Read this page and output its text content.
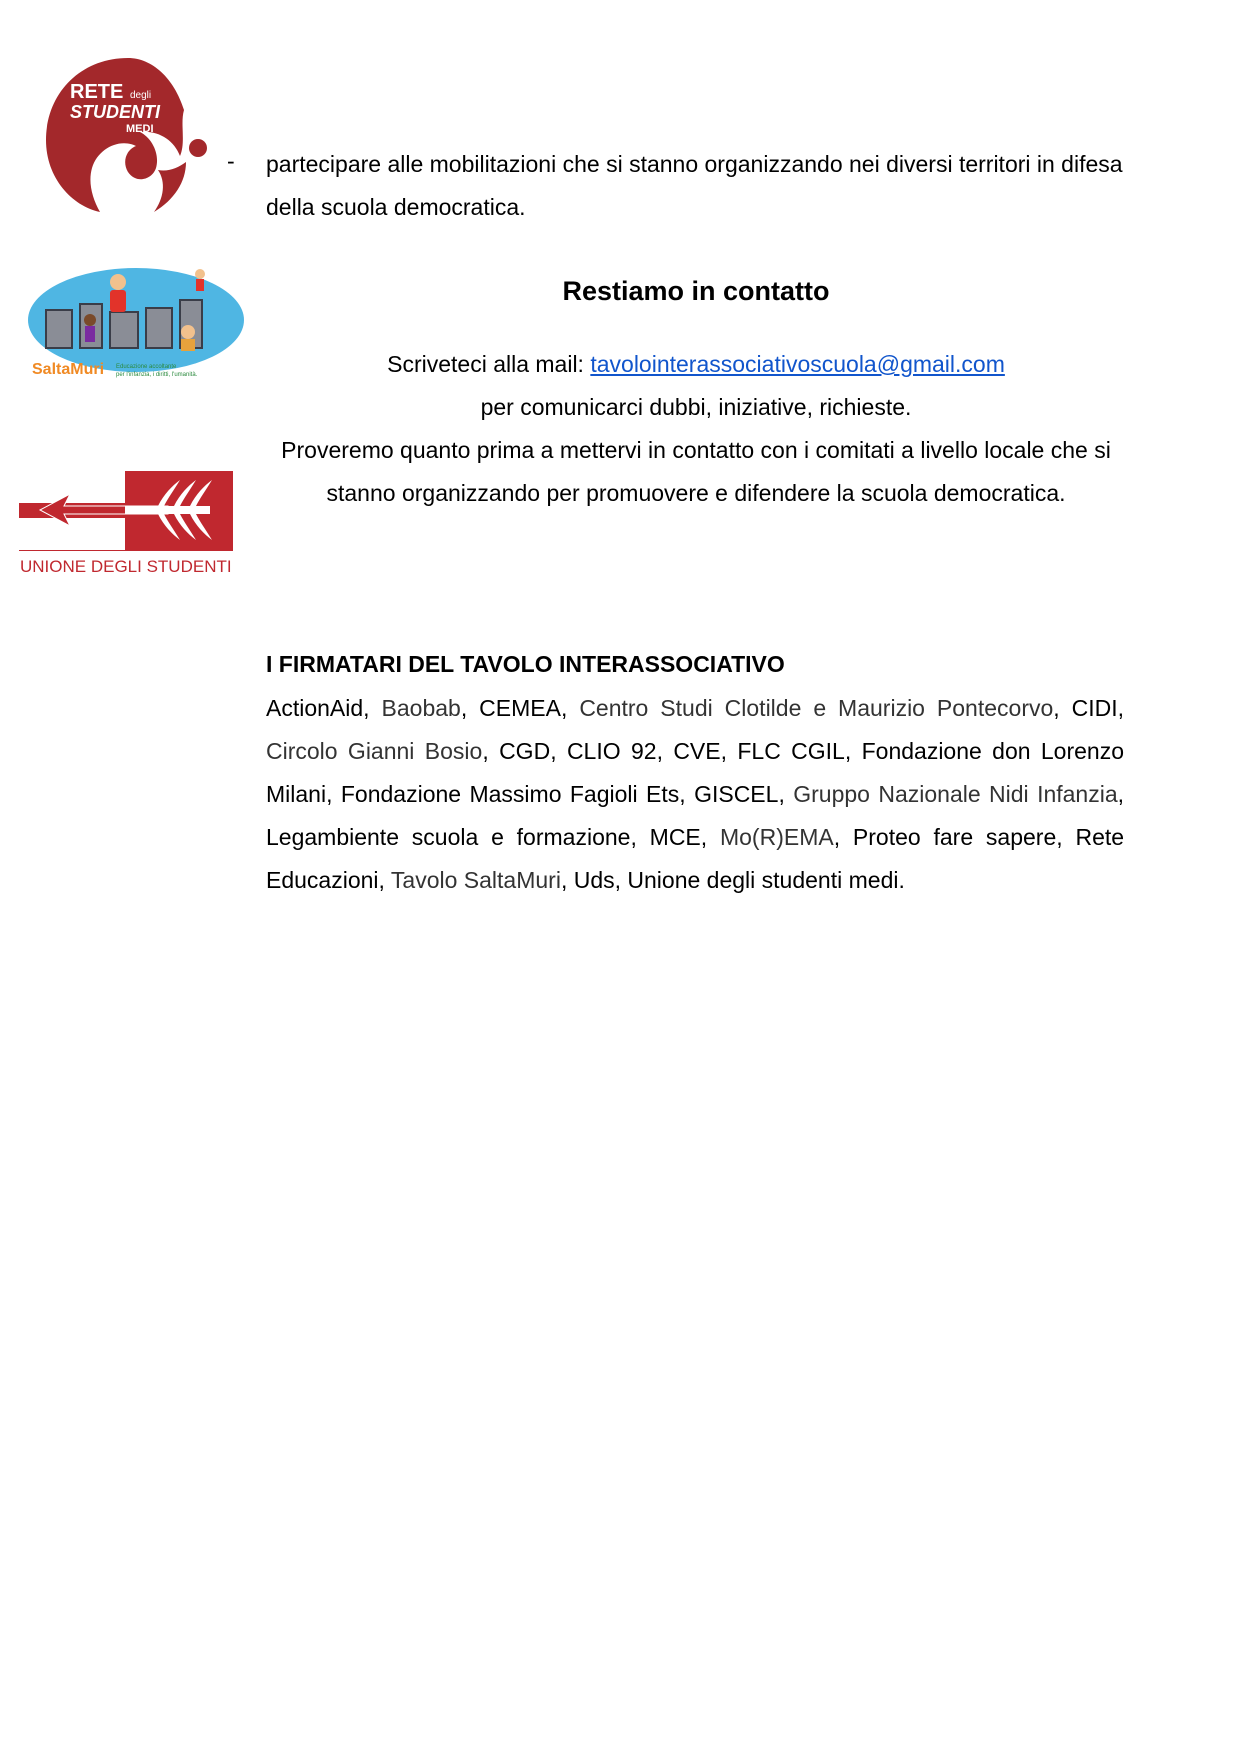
RETE degli
STUDENTI
MEDI
SaltaMuri Educazione accoltante
per l'infanzia, i diritti, l'umanità.
UNIONE DEGLI STUDENTI
- partecipare alle mobilitazioni che si stanno organizzando nei diversi territori in difesa della scuola democratica.
Restiamo in contatto
Scriveteci alla mail: tavolointerassociativoscuola@gmail.com
per comunicarci dubbi, iniziative, richieste.
Proveremo quanto prima a mettervi in contatto con i comitati a livello locale che si stanno organizzando per promuovere e difendere la scuola democratica.
I FIRMATARI DEL TAVOLO INTERASSOCIATIVO
ActionAid, Baobab, CEMEA, Centro Studi Clotilde e Maurizio Pontecorvo, CIDI, Circolo Gianni Bosio, CGD, CLIO 92, CVE, FLC CGIL, Fondazione don Lorenzo Milani, Fondazione Massimo Fagioli Ets, GISCEL, Gruppo Nazionale Nidi Infanzia, Legambiente scuola e formazione, MCE, Mo(R)EMA, Proteo fare sapere, Rete Educazioni, Tavolo SaltaMuri, Uds, Unione degli studenti medi.
